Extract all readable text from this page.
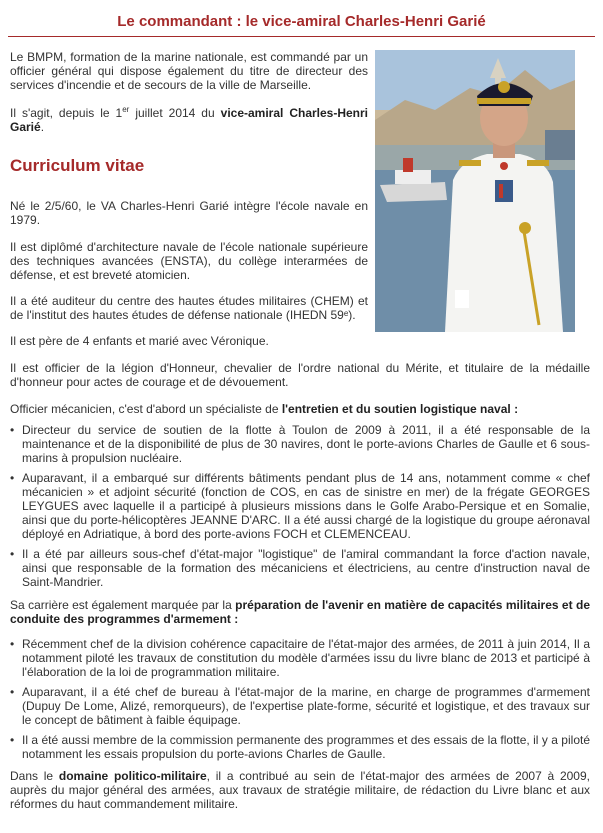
Le commandant : le vice-amiral Charles-Henri Garié

Le BMPM, formation de la marine nationale, est commandé par un officier général qui dispose également du titre de directeur des services d'incendie et de secours de la ville de Marseille.

Il s'agit, depuis le 1er juillet 2014 du vice-amiral Charles-Henri Garié.

Curriculum vitae

Né le 2/5/60, le VA Charles-Henri Garié intègre l'école navale en 1979.

Il est diplômé d'architecture navale de l'école nationale supérieure des techniques avancées (ENSTA), du collège interarmées de défense, et est breveté atomicien.

Il a été auditeur du centre des hautes études militaires (CHEM) et de l'institut des hautes études de défense nationale (IHEDN 59ᵉ).

Il est père de 4 enfants et marié avec Véronique.

Il est officier de la légion d'Honneur, chevalier de l'ordre national du Mérite, et titulaire de la médaille d'honneur pour actes de courage et de dévouement.

Officier mécanicien, c'est d'abord un spécialiste de l'entretien et du soutien logistique naval :

• Directeur du service de soutien de la flotte à Toulon de 2009 à 2011, il a été responsable de la maintenance et de la disponibilité de plus de 30 navires, dont le porte-avions Charles de Gaulle et 6 sous-marins à propulsion nucléaire.
• Auparavant, il a embarqué sur différents bâtiments pendant plus de 14 ans, notamment comme « chef mécanicien » et adjoint sécurité (fonction de COS, en cas de sinistre en mer) de la frégate GEORGES LEYGUES avec laquelle il a participé à plusieurs missions dans le Golfe Arabo-Persique et en Somalie, ainsi que du porte-hélicoptères JEANNE D'ARC. Il a été aussi chargé de la logistique du groupe aéronaval déployé en Adriatique, à bord des porte-avions FOCH et CLEMENCEAU.
• Il a été par ailleurs sous-chef d'état-major "logistique" de l'amiral commandant la force d'action navale, ainsi que responsable de la formation des mécaniciens et électriciens, au centre d'instruction naval de Saint-Mandrier.

Sa carrière est également marquée par la préparation de l'avenir en matière de capacités militaires et de conduite des programmes d'armement :

• Récemment chef de la division cohérence capacitaire de l'état-major des armées, de 2011 à juin 2014, Il a notamment piloté les travaux de constitution du modèle d'armées issu du livre blanc de 2013 et participé à l'élaboration de la loi de programmation militaire.
• Auparavant, il a été chef de bureau à l'état-major de la marine, en charge de programmes d'armement (Dupuy De Lome, Alizé, remorqueurs), de l'expertise plate-forme, sécurité et logistique, et des travaux sur le concept de bâtiment à faible équipage.
• Il a été aussi membre de la commission permanente des programmes et des essais de la flotte, il y a piloté notamment les essais propulsion du porte-avions Charles de Gaulle.

Dans le domaine politico-militaire, il a contribué au sein de l'état-major des armées de 2007 à 2009, auprès du major général des armées, aux travaux de stratégie militaire, de rédaction du Livre blanc et aux réformes du haut commandement militaire.
